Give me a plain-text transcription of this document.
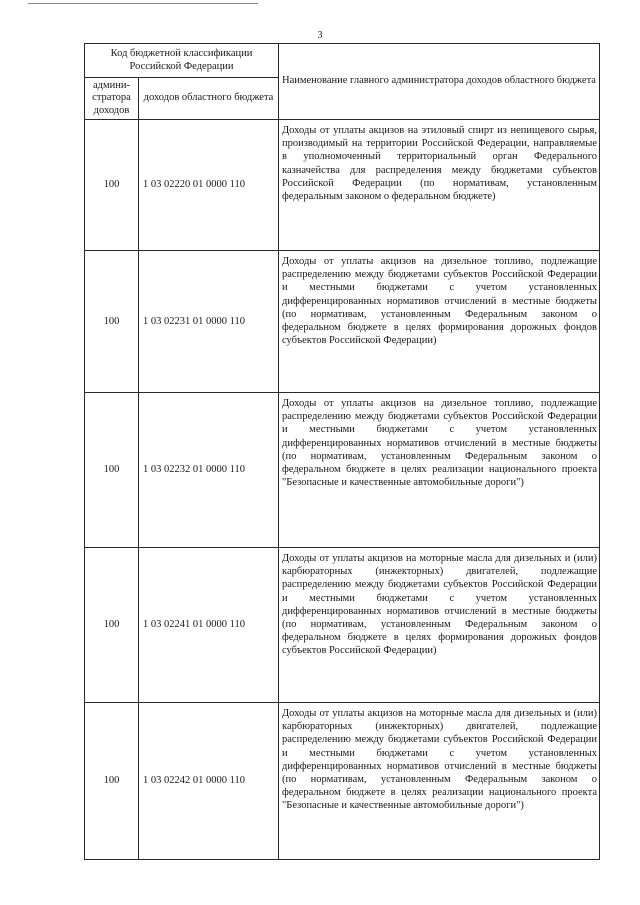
3
Код бюджетной классификации Российской Федерации		Наименование главного администратора доходов областного бюджета
админи-стратора доходов	доходов областного бюджета	
100	1 03 02220 01 0000 110	Доходы от уплаты акцизов на этиловый спирт из непищевого сырья, производимый на территории Российской Федерации, направляемые в уполномоченный территориальный орган Федерального казначейства для распределения между бюджетами субъектов Российской Федерации (по нормативам, установленным федеральным законом о федеральном бюджете)
100	1 03 02231 01 0000 110	Доходы от уплаты акцизов на дизельное топливо, подлежащие распределению между бюджетами субъектов Российской Федерации и местными бюджетами с учетом установленных дифференцированных нормативов отчислений в местные бюджеты (по нормативам, установленным Федеральным законом о федеральном бюджете в целях формирования дорожных фондов субъектов Российской Федерации)
100	1 03 02232 01 0000 110	Доходы от уплаты акцизов на дизельное топливо, подлежащие распределению между бюджетами субъектов Российской Федерации и местными бюджетами с учетом установленных дифференцированных нормативов отчислений в местные бюджеты (по нормативам, установленным Федеральным законом о федеральном бюджете в целях реализации национального проекта "Безопасные и качественные автомобильные дороги")
100	1 03 02241 01 0000 110	Доходы от уплаты акцизов на моторные масла для дизельных и (или) карбюраторных (инжекторных) двигателей, подлежащие распределению между бюджетами субъектов Российской Федерации и местными бюджетами с учетом установленных дифференцированных нормативов отчислений в местные бюджеты (по нормативам, установленным Федеральным законом о федеральном бюджете в целях формирования дорожных фондов субъектов Российской Федерации)
100	1 03 02242 01 0000 110	Доходы от уплаты акцизов на моторные масла для дизельных и (или) карбюраторных (инжекторных) двигателей, подлежащие распределению между бюджетами субъектов Российской Федерации и местными бюджетами с учетом установленных дифференцированных нормативов отчислений в местные бюджеты (по нормативам, установленным Федеральным законом о федеральном бюджете в целях реализации национального проекта "Безопасные и качественные автомобильные дороги")
